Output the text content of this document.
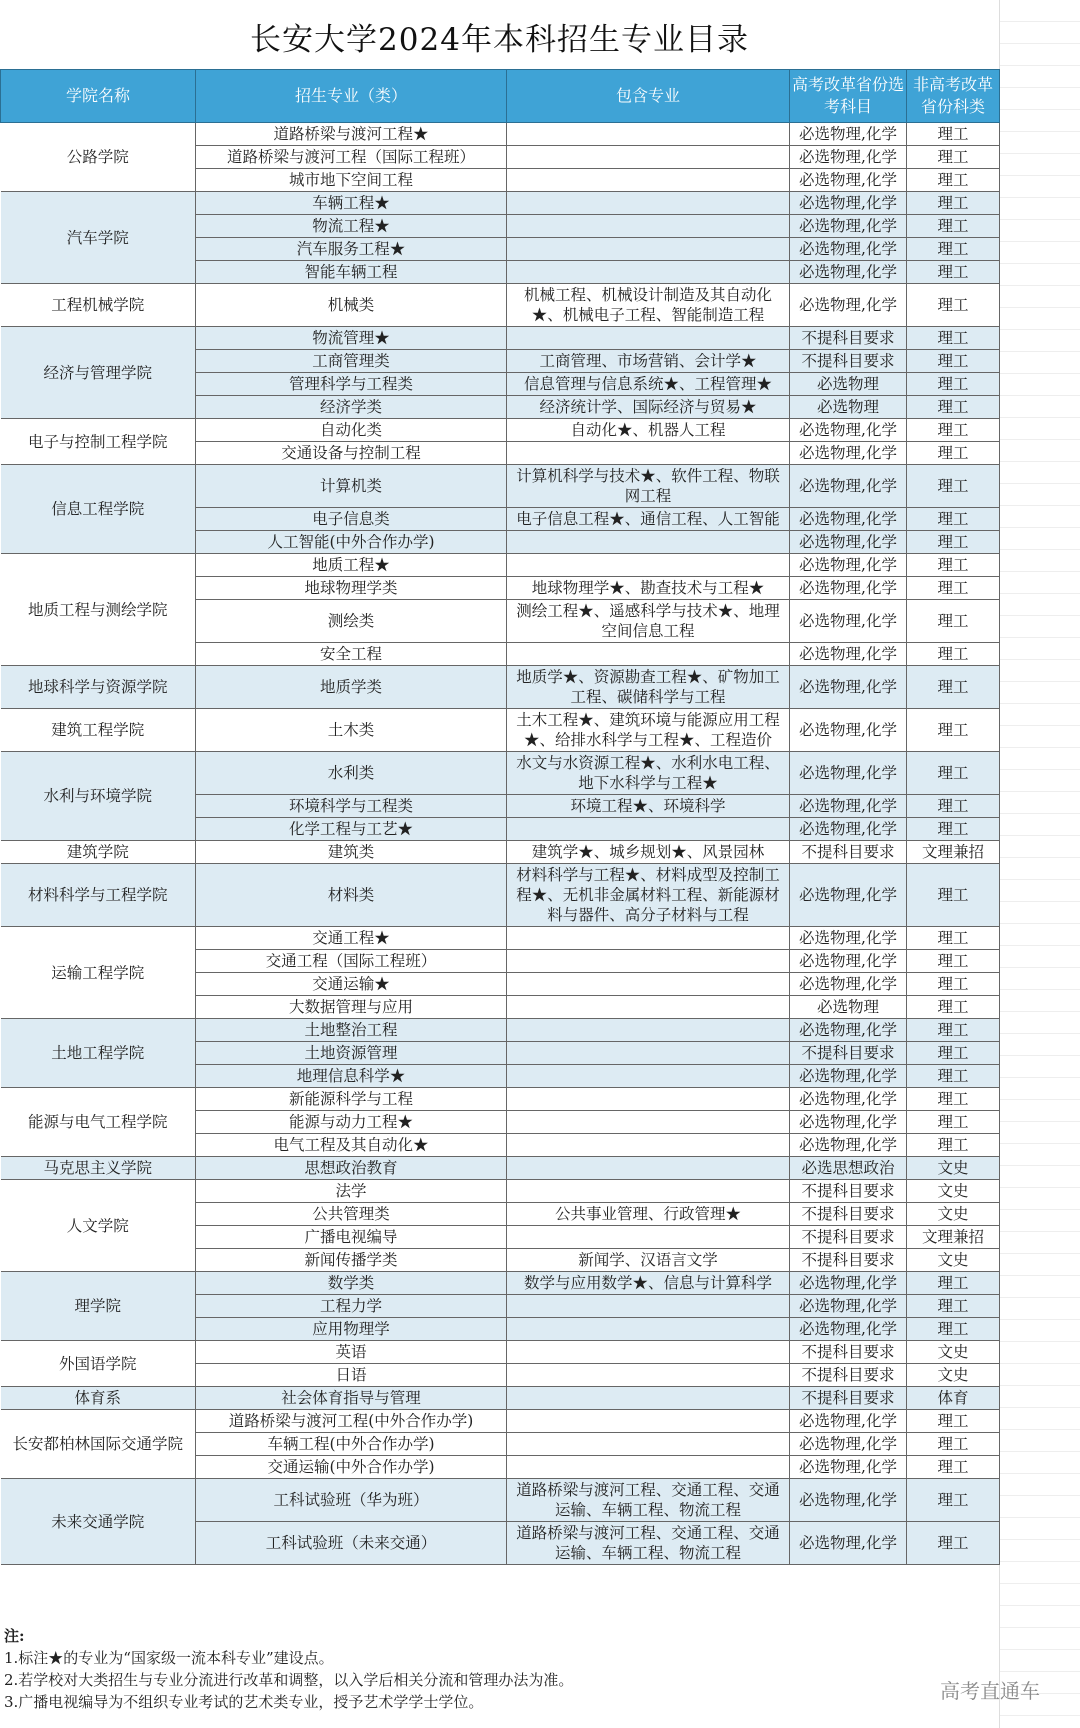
长安大学2024年本科招生专业目录
学院名称	招生专业（类）	包含专业	高考改革省份选考科目	非高考改革省份科类
公路学院	道路桥梁与渡河工程★		必选物理,化学	理工
	道路桥梁与渡河工程（国际工程班）		必选物理,化学	理工
	城市地下空间工程		必选物理,化学	理工
汽车学院	车辆工程★		必选物理,化学	理工
	物流工程★		必选物理,化学	理工
	汽车服务工程★		必选物理,化学	理工
	智能车辆工程		必选物理,化学	理工
工程机械学院	机械类	机械工程、机械设计制造及其自动化★、机械电子工程、智能制造工程	必选物理,化学	理工
经济与管理学院	物流管理★		不提科目要求	理工
	工商管理类	工商管理、市场营销、会计学★	不提科目要求	理工
	管理科学与工程类	信息管理与信息系统★、工程管理★	必选物理	理工
	经济学类	经济统计学、国际经济与贸易★	必选物理	理工
电子与控制工程学院	自动化类	自动化★、机器人工程	必选物理,化学	理工
	交通设备与控制工程		必选物理,化学	理工
信息工程学院	计算机类	计算机科学与技术★、软件工程、物联网工程	必选物理,化学	理工
	电子信息类	电子信息工程★、通信工程、人工智能	必选物理,化学	理工
	人工智能(中外合作办学)		必选物理,化学	理工
地质工程与测绘学院	地质工程★		必选物理,化学	理工
	地球物理学类	地球物理学★、勘查技术与工程★	必选物理,化学	理工
	测绘类	测绘工程★、遥感科学与技术★、地理空间信息工程	必选物理,化学	理工
	安全工程		必选物理,化学	理工
地球科学与资源学院	地质学类	地质学★、资源勘查工程★、矿物加工工程、碳储科学与工程	必选物理,化学	理工
建筑工程学院	土木类	土木工程★、建筑环境与能源应用工程★、给排水科学与工程★、工程造价	必选物理,化学	理工
水利与环境学院	水利类	水文与水资源工程★、水利水电工程、地下水科学与工程★	必选物理,化学	理工
	环境科学与工程类	环境工程★、环境科学	必选物理,化学	理工
	化学工程与工艺★		必选物理,化学	理工
建筑学院	建筑类	建筑学★、城乡规划★、风景园林	不提科目要求	文理兼招
材料科学与工程学院	材料类	材料科学与工程★、材料成型及控制工程★、无机非金属材料工程、新能源材料与器件、高分子材料与工程	必选物理,化学	理工
运输工程学院	交通工程★		必选物理,化学	理工
	交通工程（国际工程班）		必选物理,化学	理工
	交通运输★		必选物理,化学	理工
	大数据管理与应用		必选物理	理工
土地工程学院	土地整治工程		必选物理,化学	理工
	土地资源管理		不提科目要求	理工
	地理信息科学★		必选物理,化学	理工
能源与电气工程学院	新能源科学与工程		必选物理,化学	理工
	能源与动力工程★		必选物理,化学	理工
	电气工程及其自动化★		必选物理,化学	理工
马克思主义学院	思想政治教育		必选思想政治	文史
人文学院	法学		不提科目要求	文史
	公共管理类	公共事业管理、行政管理★	不提科目要求	文史
	广播电视编导		不提科目要求	文理兼招
	新闻传播学类	新闻学、汉语言文学	不提科目要求	文史
理学院	数学类	数学与应用数学★、信息与计算科学	必选物理,化学	理工
	工程力学		必选物理,化学	理工
	应用物理学		必选物理,化学	理工
外国语学院	英语		不提科目要求	文史
	日语		不提科目要求	文史
体育系	社会体育指导与管理		不提科目要求	体育
长安都柏林国际交通学院	道路桥梁与渡河工程(中外合作办学)		必选物理,化学	理工
	车辆工程(中外合作办学)		必选物理,化学	理工
	交通运输(中外合作办学)		必选物理,化学	理工
未来交通学院	工科试验班（华为班）	道路桥梁与渡河工程、交通工程、交通运输、车辆工程、物流工程	必选物理,化学	理工
	工科试验班（未来交通）	道路桥梁与渡河工程、交通工程、交通运输、车辆工程、物流工程	必选物理,化学	理工
注:
1.标注★的专业为“国家级一流本科专业”建设点。
2.若学校对大类招生与专业分流进行改革和调整，以入学后相关分流和管理办法为准。
3.广播电视编导为不组织专业考试的艺术类专业，授予艺术学学士学位。	高考直通车
